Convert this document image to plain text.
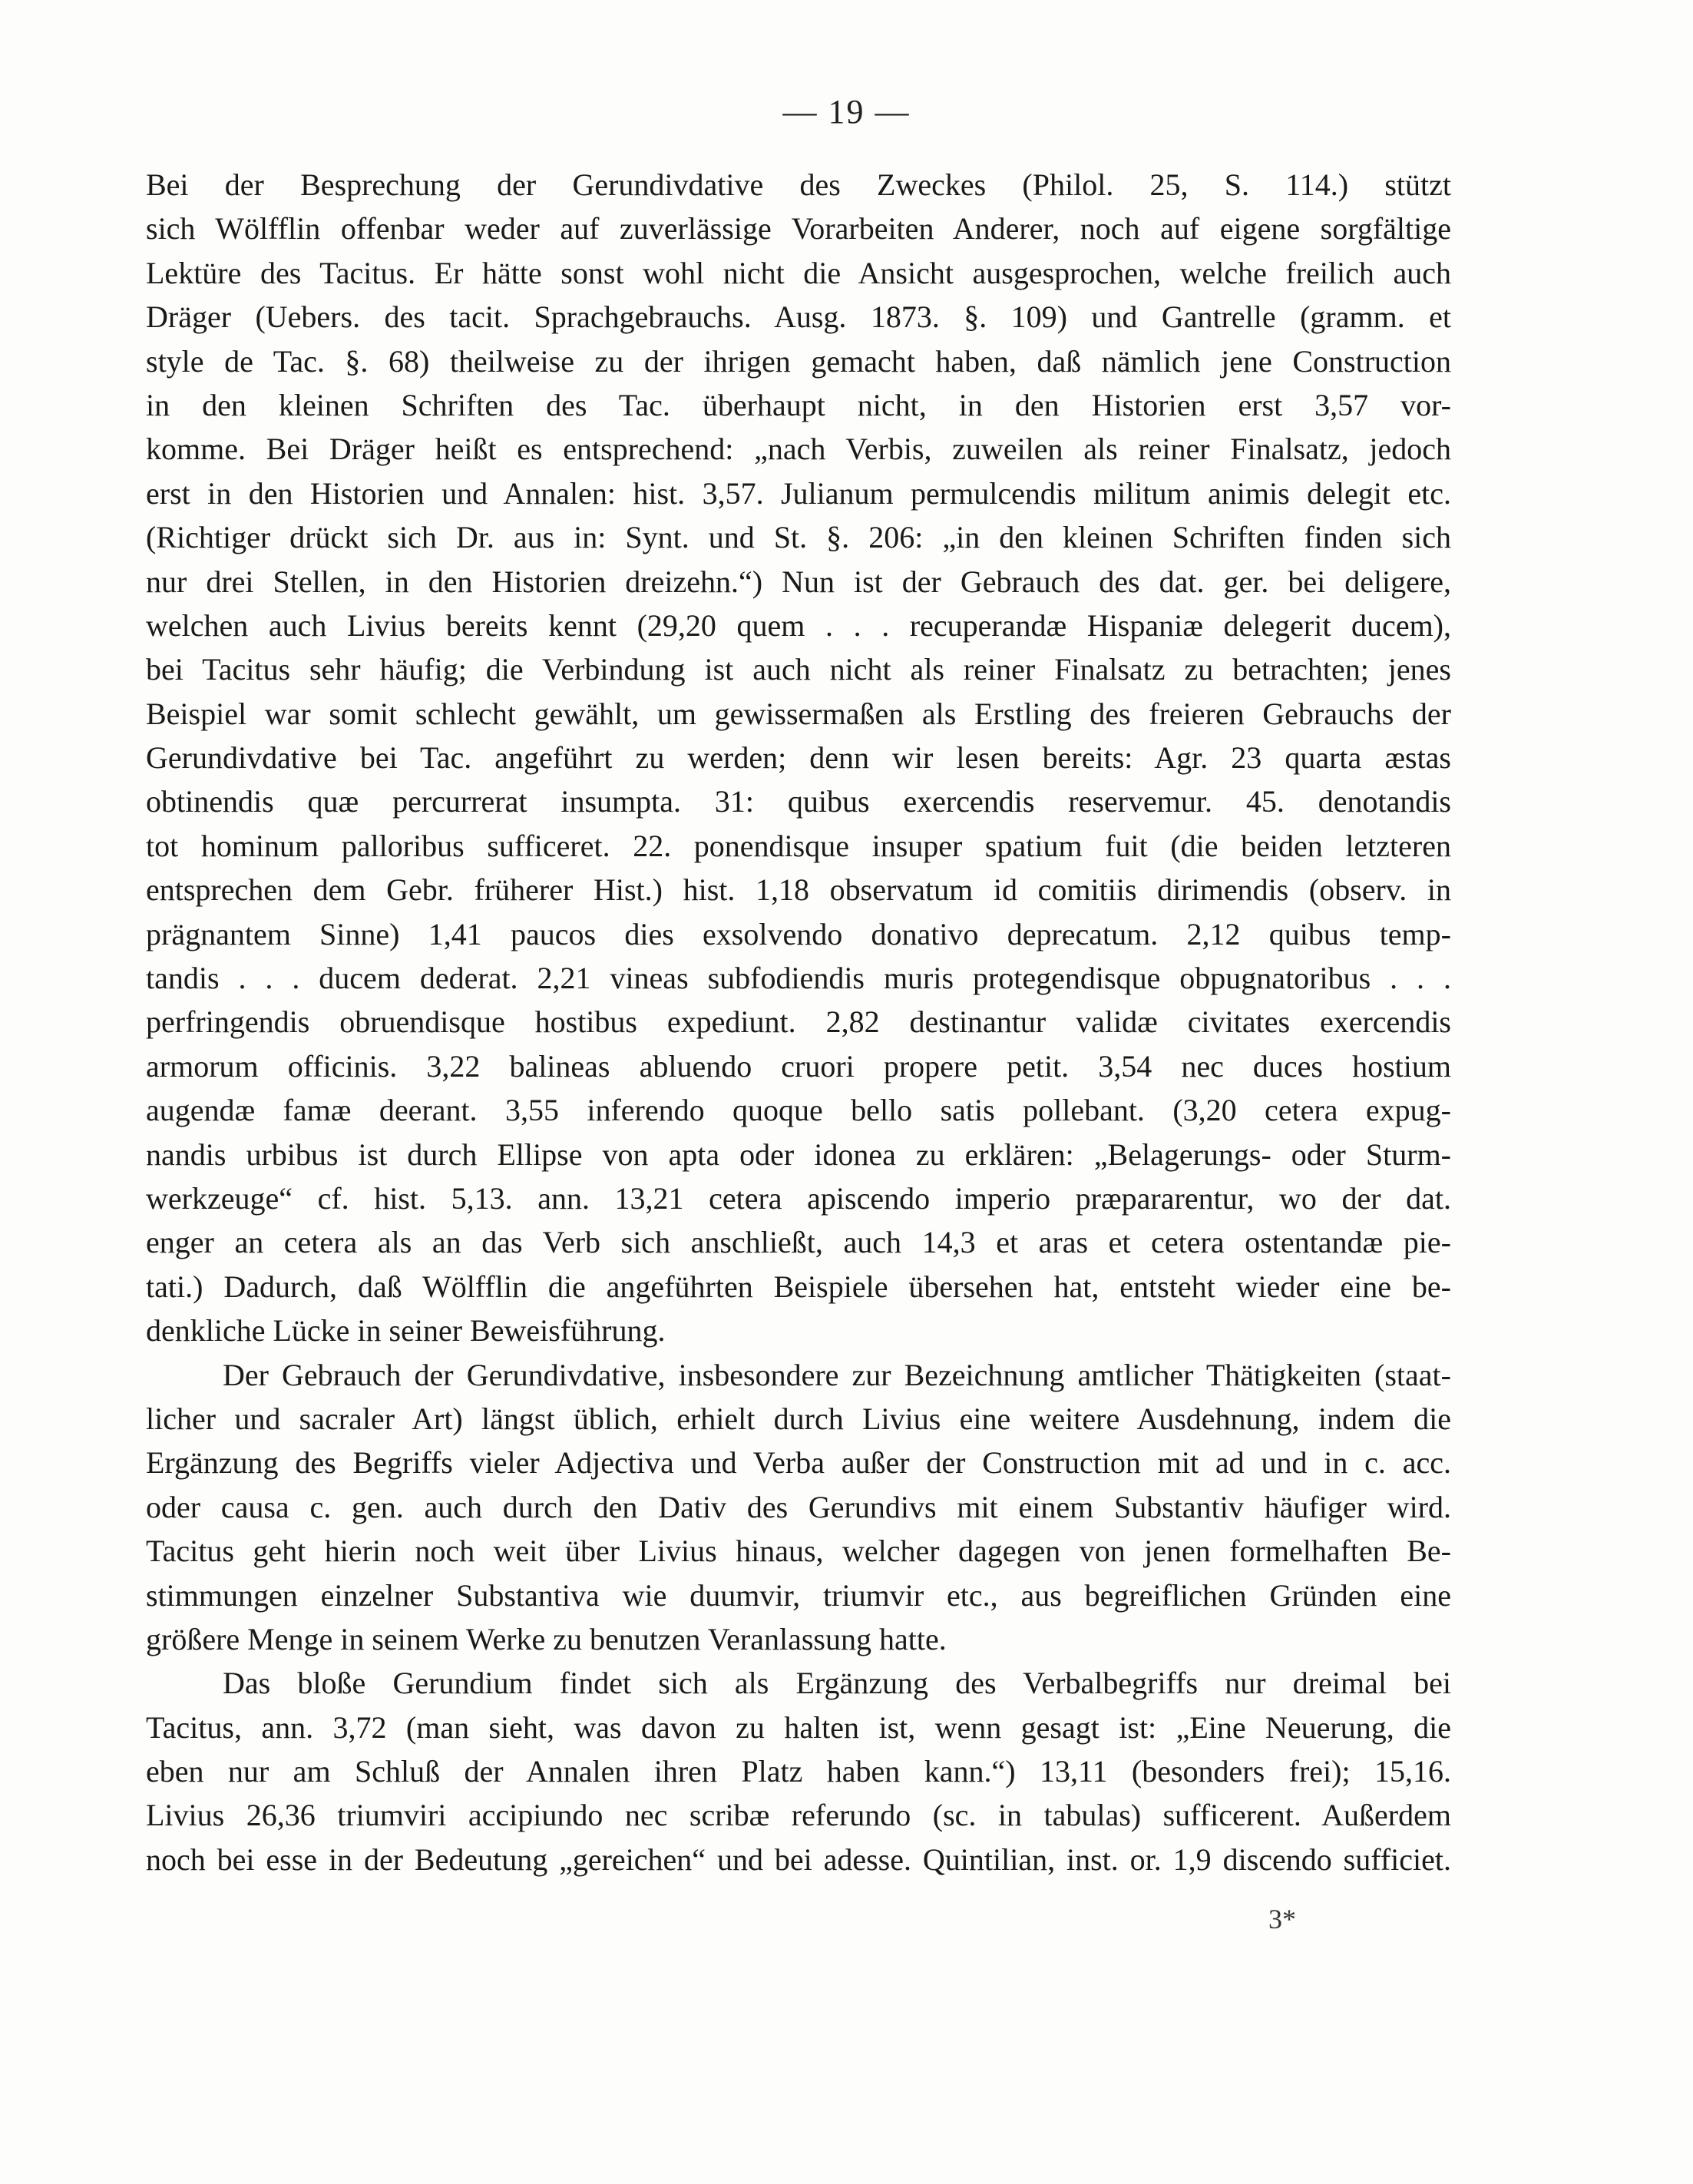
— 19 —
Bei der Besprechung der Gerundivdative des Zweckes (Philol. 25, S. 114.) stützt
sich Wölfflin offenbar weder auf zuverlässige Vorarbeiten Anderer, noch auf eigene sorgfältige
Lektüre des Tacitus. Er hätte sonst wohl nicht die Ansicht ausgesprochen, welche freilich auch
Dräger (Uebers. des tacit. Sprachgebrauchs. Ausg. 1873. §. 109) und Gantrelle (gramm. et
style de Tac. §. 68) theilweise zu der ihrigen gemacht haben, daß nämlich jene Construction
in den kleinen Schriften des Tac. überhaupt nicht, in den Historien erst 3,57 vor-
komme. Bei Dräger heißt es entsprechend: „nach Verbis, zuweilen als reiner Finalsatz, jedoch
erst in den Historien und Annalen: hist. 3,57. Julianum permulcendis militum animis delegit etc.
(Richtiger drückt sich Dr. aus in: Synt. und St. §. 206: „in den kleinen Schriften finden sich
nur drei Stellen, in den Historien dreizehn.“) Nun ist der Gebrauch des dat. ger. bei deligere,
welchen auch Livius bereits kennt (29,20 quem . . . recuperandæ Hispaniæ delegerit ducem),
bei Tacitus sehr häufig; die Verbindung ist auch nicht als reiner Finalsatz zu betrachten; jenes
Beispiel war somit schlecht gewählt, um gewissermaßen als Erstling des freieren Gebrauchs der
Gerundivdative bei Tac. angeführt zu werden; denn wir lesen bereits: Agr. 23 quarta æstas
obtinendis quæ percurrerat insumpta. 31: quibus exercendis reservemur. 45. denotandis
tot hominum palloribus sufficeret. 22. ponendisque insuper spatium fuit (die beiden letzteren
entsprechen dem Gebr. früherer Hist.) hist. 1,18 observatum id comitiis dirimendis (observ. in
prägnantem Sinne) 1,41 paucos dies exsolvendo donativo deprecatum. 2,12 quibus temp-
tandis . . . ducem dederat. 2,21 vineas subfodiendis muris protegendisque obpugnatoribus . . .
perfringendis obruendisque hostibus expediunt. 2,82 destinantur validæ civitates exercendis
armorum officinis. 3,22 balineas abluendo cruori propere petit. 3,54 nec duces hostium
augendæ famæ deerant. 3,55 inferendo quoque bello satis pollebant. (3,20 cetera expug-
nandis urbibus ist durch Ellipse von apta oder idonea zu erklären: „Belagerungs- oder Sturm-
werkzeuge“ cf. hist. 5,13. ann. 13,21 cetera apiscendo imperio præpararentur, wo der dat.
enger an cetera als an das Verb sich anschließt, auch 14,3 et aras et cetera ostentandæ pie-
tati.) Dadurch, daß Wölfflin die angeführten Beispiele übersehen hat, entsteht wieder eine be-
denkliche Lücke in seiner Beweisführung.
Der Gebrauch der Gerundivdative, insbesondere zur Bezeichnung amtlicher Thätigkeiten (staat-
licher und sacraler Art) längst üblich, erhielt durch Livius eine weitere Ausdehnung, indem die
Ergänzung des Begriffs vieler Adjectiva und Verba außer der Construction mit ad und in c. acc.
oder causa c. gen. auch durch den Dativ des Gerundivs mit einem Substantiv häufiger wird.
Tacitus geht hierin noch weit über Livius hinaus, welcher dagegen von jenen formelhaften Be-
stimmungen einzelner Substantiva wie duumvir, triumvir etc., aus begreiflichen Gründen eine
größere Menge in seinem Werke zu benutzen Veranlassung hatte.
Das bloße Gerundium findet sich als Ergänzung des Verbalbegriffs nur dreimal bei
Tacitus, ann. 3,72 (man sieht, was davon zu halten ist, wenn gesagt ist: „Eine Neuerung, die
eben nur am Schluß der Annalen ihren Platz haben kann.“) 13,11 (besonders frei); 15,16.
Livius 26,36 triumviri accipiundo nec scribæ referundo (sc. in tabulas) sufficerent. Außerdem
noch bei esse in der Bedeutung „gereichen“ und bei adesse. Quintilian, inst. or. 1,9 discendo sufficiet.
3*
